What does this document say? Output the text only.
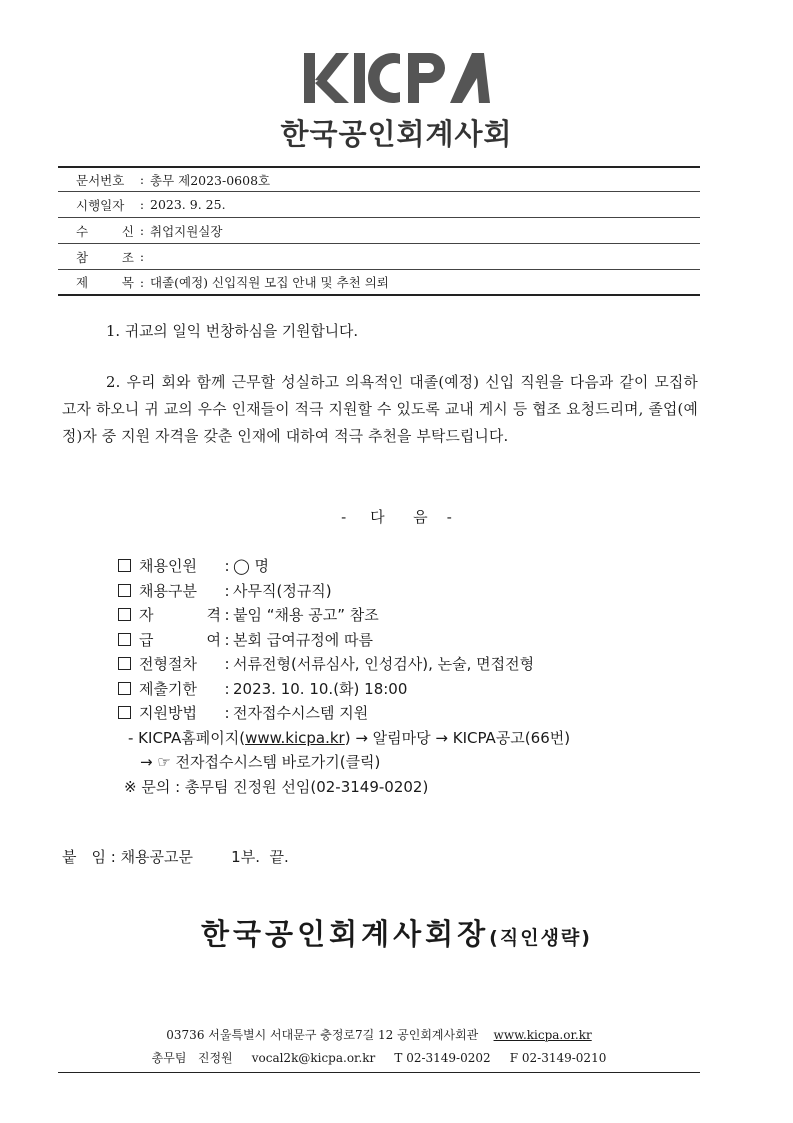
한국공인회계사회
문서번호	: 총무 제2023-0608호
시행일자	: 2023. 9. 25.
수　　신 : 취업지원실장
참　　조 :
제　　목 : 대졸(예정) 신입직원 모집 안내 및 추천 의뢰
1. 귀교의 일익 번창하심을 기원합니다.
2. 우리 회와 함께 근무할 성실하고 의욕적인 대졸(예정) 신입 직원을 다음과 같이 모집하고자 하오니 귀 교의 우수 인재들이 적극 지원할 수 있도록 교내 게시 등 협조 요청드리며, 졸업(예정)자 중 지원 자격을 갖춘 인재에 대하여 적극 추천을 부탁드립니다.
-     다      음    -
채용인원 : ◯ 명
채용구분 : 사무직(정규직)
자　　격 : 붙임 “채용 공고” 참조
급　　여 : 본회 급여규정에 따름
전형절차 : 서류전형(서류심사, 인성검사), 논술, 면접전형
제출기한 : 2023. 10. 10.(화) 18:00
지원방법 : 전자접수시스템 지원
- KICPA홈페이지(www.kicpa.kr) → 알림마당 → KICPA공고(66번)
→ ☞ 전자접수시스템 바로가기(클릭)
※ 문의 : 총무팀 진정원 선임(02-3149-0202)
붙　임 : 채용공고문        1부.  끝.
한국공인회계사회장(직인생략)
03736 서울특별시 서대문구 충정로7길 12 공인회계사회관 www.kicpa.or.kr
총무팀   진정원 vocal2k@kicpa.or.kr T 02-3149-0202 F 02-3149-0210
